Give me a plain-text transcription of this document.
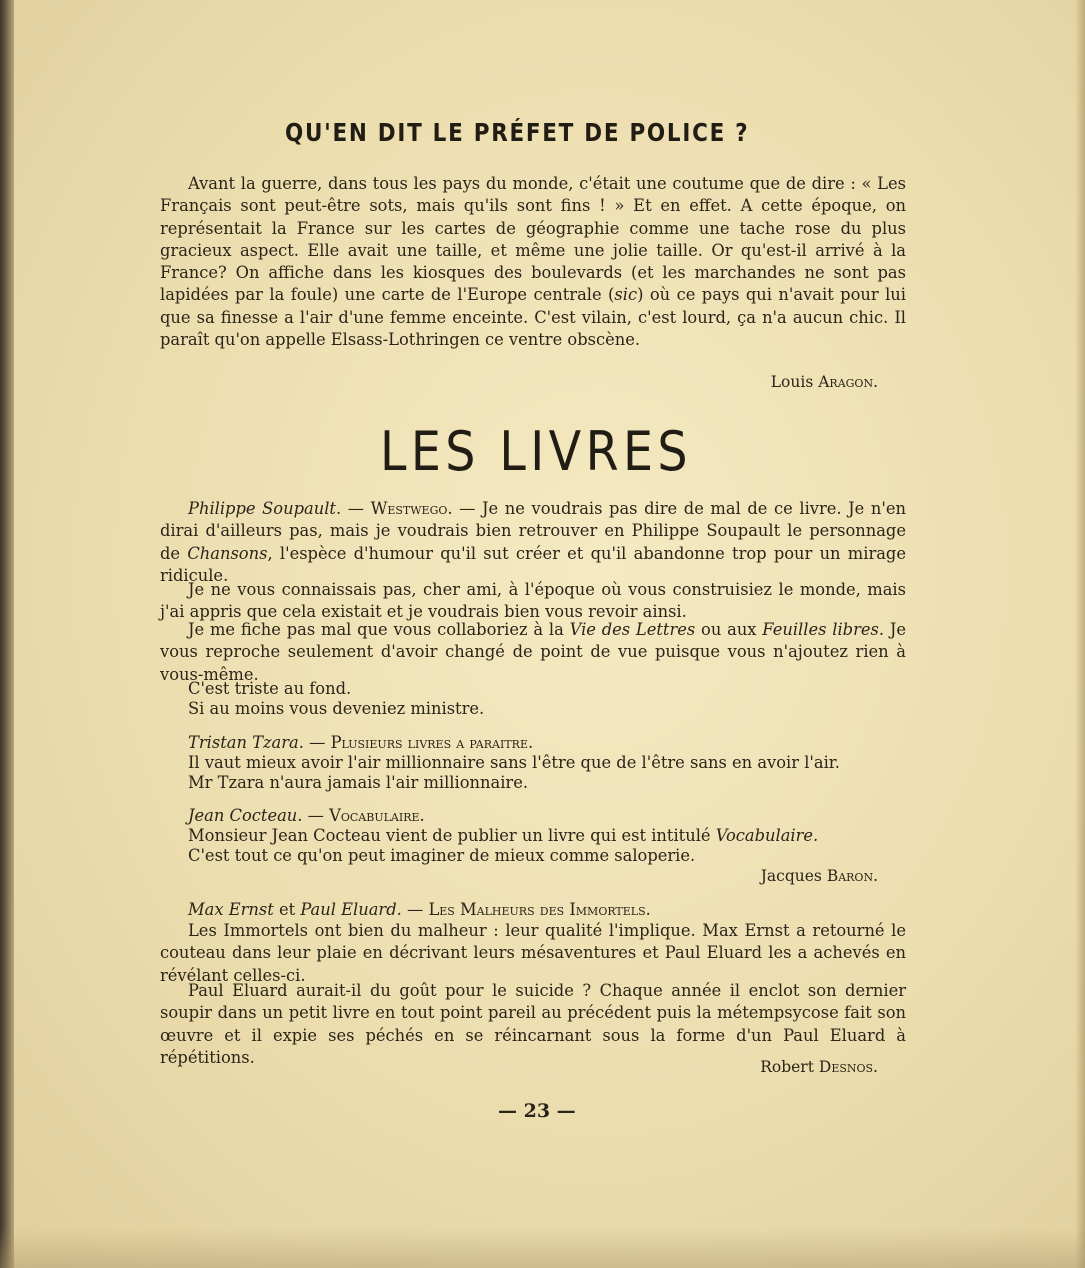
QU'EN DIT LE PRÉFET DE POLICE ?
Avant la guerre, dans tous les pays du monde, c'était une coutume que de dire : « Les Français sont peut-être sots, mais qu'ils sont fins ! » Et en effet. A cette époque, on représentait la France sur les cartes de géographie comme une tache rose du plus gracieux aspect. Elle avait une taille, et même une jolie taille. Or qu'est-il arrivé à la France? On affiche dans les kiosques des boulevards (et les marchandes ne sont pas lapidées par la foule) une carte de l'Europe centrale (sic) où ce pays qui n'avait pour lui que sa finesse a l'air d'une femme enceinte. C'est vilain, c'est lourd, ça n'a aucun chic. Il paraît qu'on appelle Elsass-Lothringen ce ventre obscène.
Louis Aragon.
LES LIVRES
Philippe Soupault. — Westwego. — Je ne voudrais pas dire de mal de ce livre. Je n'en dirai d'ailleurs pas, mais je voudrais bien retrouver en Philippe Soupault le personnage de Chansons, l'espèce d'humour qu'il sut créer et qu'il abandonne trop pour un mirage ridicule.
Je ne vous connaissais pas, cher ami, à l'époque où vous construisiez le monde, mais j'ai appris que cela existait et je voudrais bien vous revoir ainsi.
Je me fiche pas mal que vous collaboriez à la Vie des Lettres ou aux Feuilles libres. Je vous reproche seulement d'avoir changé de point de vue puisque vous n'ajoutez rien à vous-même.
C'est triste au fond.
Si au moins vous deveniez ministre.
Tristan Tzara. — Plusieurs livres a paraitre.
Il vaut mieux avoir l'air millionnaire sans l'être que de l'être sans en avoir l'air.
Mr Tzara n'aura jamais l'air millionnaire.
Jean Cocteau. — Vocabulaire.
Monsieur Jean Cocteau vient de publier un livre qui est intitulé Vocabulaire.
C'est tout ce qu'on peut imaginer de mieux comme saloperie.
Jacques Baron.
Max Ernst et Paul Eluard. — Les Malheurs des Immortels.
Les Immortels ont bien du malheur : leur qualité l'implique. Max Ernst a retourné le couteau dans leur plaie en décrivant leurs mésaventures et Paul Eluard les a achevés en révélant celles-ci.
Paul Eluard aurait-il du goût pour le suicide ? Chaque année il enclot son dernier soupir dans un petit livre en tout point pareil au précédent puis la métempsycose fait son œuvre et il expie ses péchés en se réincarnant sous la forme d'un Paul Eluard à répétitions.
Robert Desnos.
— 23 —
